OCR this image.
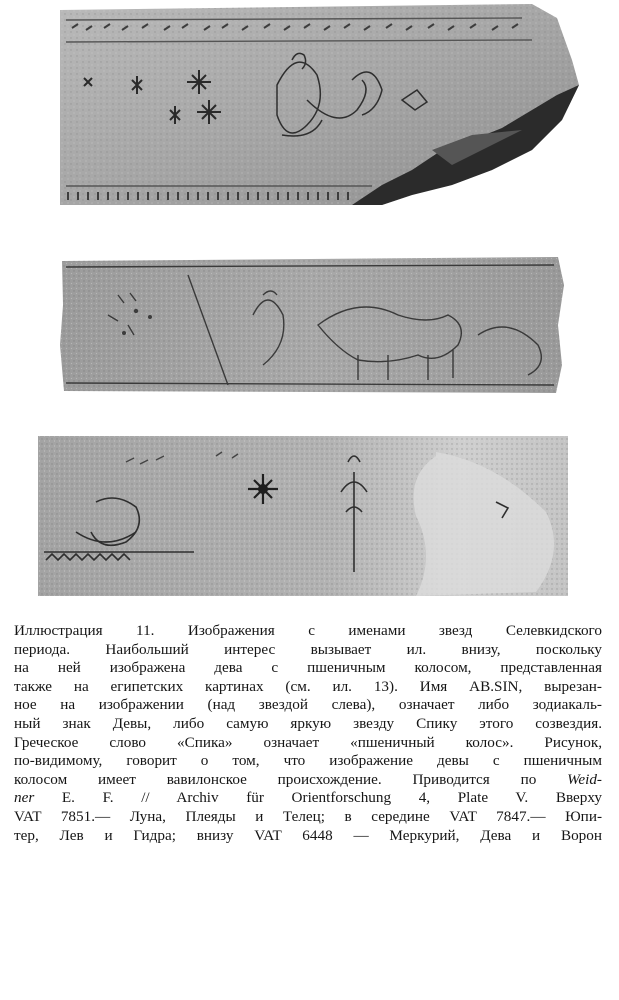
Иллюстрация 11. Изображения с именами звезд Селевкидского
периода. Наибольший интерес вызывает ил. внизу, поскольку
на ней изображена дева с пшеничным колосом, представленная
также на египетских картинах (см. ил. 13). Имя AB.SIN, вырезан-
ное на изображении (над звездой слева), означает либо зодиакаль-
ный знак Девы, либо самую яркую звезду Спику этого созвездия.
Греческое слово «Спика» означает «пшеничный колос». Рисунок,
по-видимому, говорит о том, что изображение девы с пшеничным
колосом имеет вавилонское происхождение. Приводится по Weid-
ner E. F. // Archiv für Orientforschung 4, Plate V. Вверху
VAT 7851.— Луна, Плеяды и Телец; в середине VAT 7847.— Юпи-
тер, Лев и Гидра; внизу VAT 6448 — Меркурий, Дева и Ворон
